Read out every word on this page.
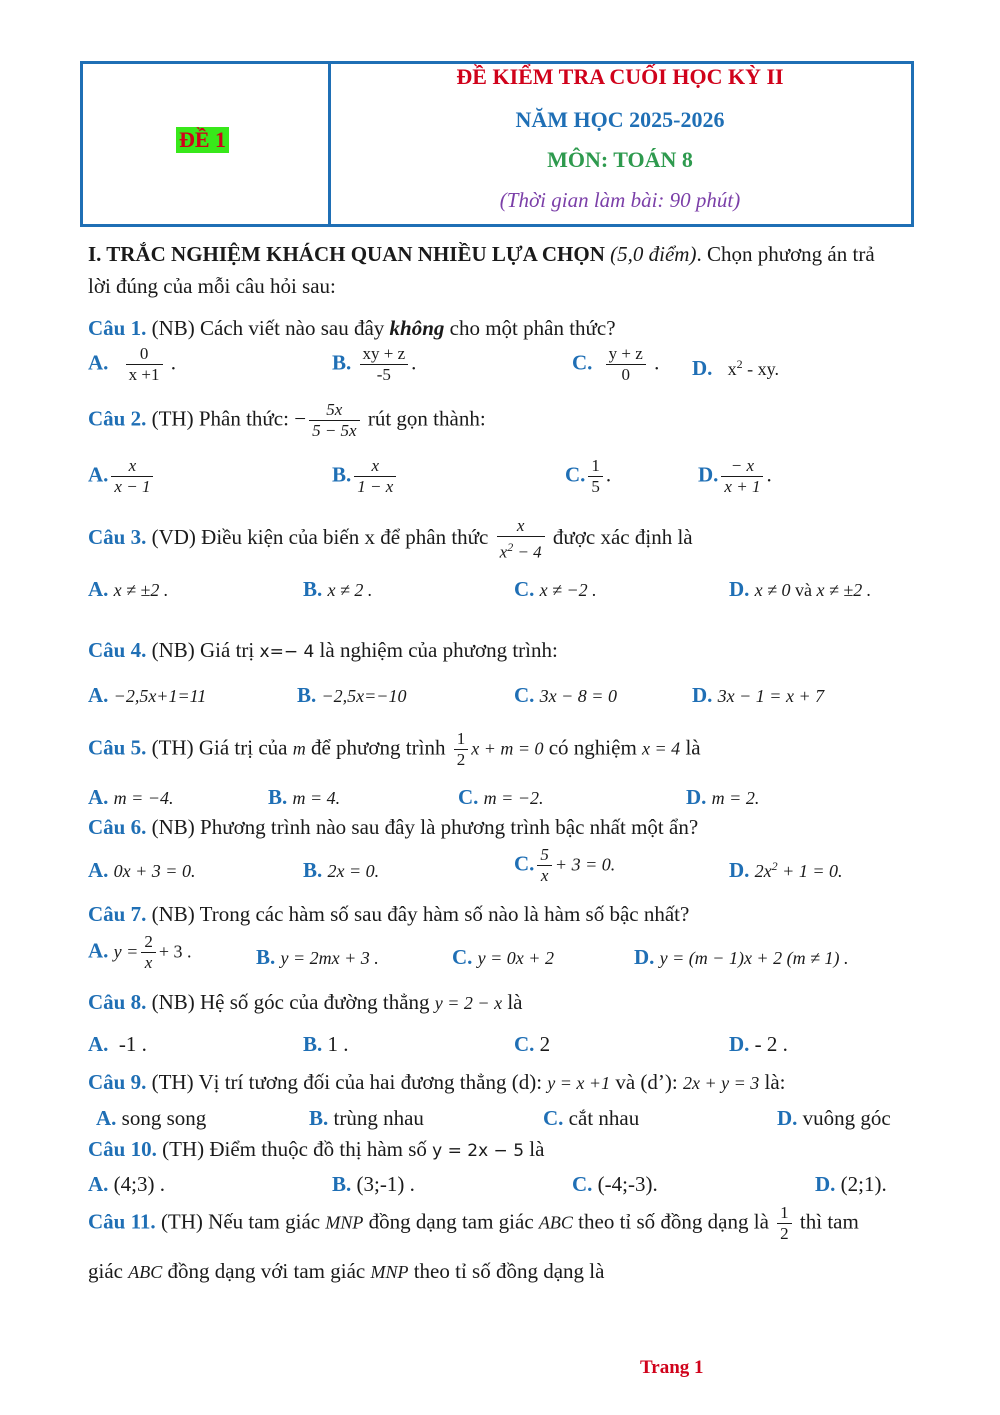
ĐỀ 1
ĐỀ KIỂM TRA CUỐI HỌC KỲ II
NĂM HỌC 2025-2026
MÔN: TOÁN 8
(Thời gian làm bài: 90 phút)
I. TRẮC NGHIỆM KHÁCH QUAN NHIỀU LỰA CHỌN (5,0 điểm). Chọn phương án trả
lời đúng của mỗi câu hỏi sau:
Câu 1. (NB) Cách viết nào sau đây không cho một phân thức?
A. $\frac{0}{x +1}$ .	B. $\frac{xy + z}{-5}$ .	C. $\frac{y + z}{0}$ . D. $x^2$ - xy.
Câu 2. (TH) Phân thức: − $\frac{5x}{5 - 5x}$ rút gọn thành:
A. $\frac{x}{x - 1}$	B. $\frac{x}{1 - x}$	C. $\frac{1}{5}$ .	D. $\frac{- x}{x + 1}$ .
Câu 3. (VD) Điều kiện của biến x để phân thức $\frac{x}{x^2 - 4}$ được xác định là
A. x ≠ ±2 .	B. x ≠ 2 .	C. x ≠ −2 .	D. x ≠ 0 và x ≠ ±2 .
Câu 4. (NB) Giá trị x=− 4 là nghiệm của phương trình:
A. −2,5x+1=11	B. −2,5x=−10	C. 3x − 8 = 0	D. 3x − 1 = x + 7
Câu 5. (TH) Giá trị của m để phương trình $\frac{1}{2}$ x + m = 0 có nghiệm x = 4 là
A. m = −4.	B. m = 4.	C. m = −2.	D. m = 2.
Câu 6. (NB) Phương trình nào sau đây là phương trình bậc nhất một ẩn?
A. 0x + 3 = 0.	B. 2x = 0.	C. $\frac{5}{x} + 3 = 0$.	D. $2x^2 + 1 = 0$.
Câu 7. (NB) Trong các hàm số sau đây hàm số nào là hàm số bậc nhất?
A. $y = \frac{2}{x} + 3$ .	B. y = 2mx + 3 .	C. y = 0x + 2	D. y = (m − 1)x + 2 (m ≠ 1) .
Câu 8. (NB) Hệ số góc của đường thẳng y = 2 − x là
A. -1 .	B. 1 .	C. 2	D. - 2 .
Câu 9. (TH) Vị trí tương đối của hai đương thẳng (d): y = x +1 và (d’): 2x + y = 3 là:
A. song song	B. trùng nhau	C. cắt nhau	D. vuông góc
Câu 10. (TH) Điểm thuộc đồ thị hàm số y = 2x − 5 là
A. (4;3) .	B. (3;-1) .	C. (-4;-3).	D. (2;1).
Câu 11. (TH) Nếu tam giác MNP đồng dạng tam giác ABC theo tỉ số đồng dạng là $\frac{1}{2}$ thì tam
giác ABC đồng dạng với tam giác MNP theo tỉ số đồng dạng là
Trang 1
